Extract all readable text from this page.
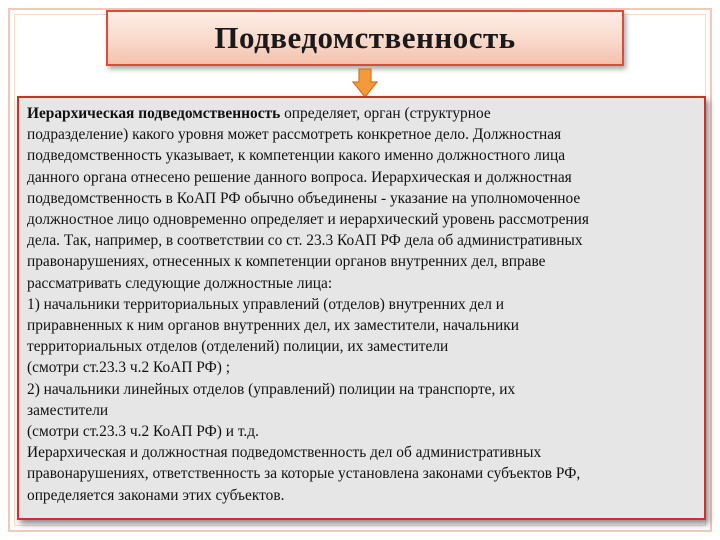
Подведомственность

Иерархическая подведомственность определяет, орган (структурное
подразделение) какого уровня может рассмотреть конкретное дело. Должностная
подведомственность указывает, к компетенции какого именно должностного лица
данного органа отнесено решение данного вопроса. Иерархическая и должностная
подведомственность в КоАП РФ обычно объединены - указание на уполномоченное
должностное лицо одновременно определяет и иерархический уровень рассмотрения
дела. Так, например, в соответствии со ст. 23.3 КоАП РФ дела об административных
правонарушениях, отнесенных к компетенции органов внутренних дел, вправе
рассматривать следующие должностные лица:
1) начальники территориальных управлений (отделов) внутренних дел и
приравненных к ним органов внутренних дел, их заместители, начальники
территориальных отделов (отделений) полиции, их заместители
(смотри ст.23.3 ч.2 КоАП РФ) ;
2) начальники линейных отделов (управлений) полиции на транспорте, их
заместители
(смотри ст.23.3 ч.2 КоАП РФ) и т.д.
Иерархическая и должностная подведомственность дел об административных
правонарушениях, ответственность за которые установлена законами субъектов РФ,
определяется законами этих субъектов.
